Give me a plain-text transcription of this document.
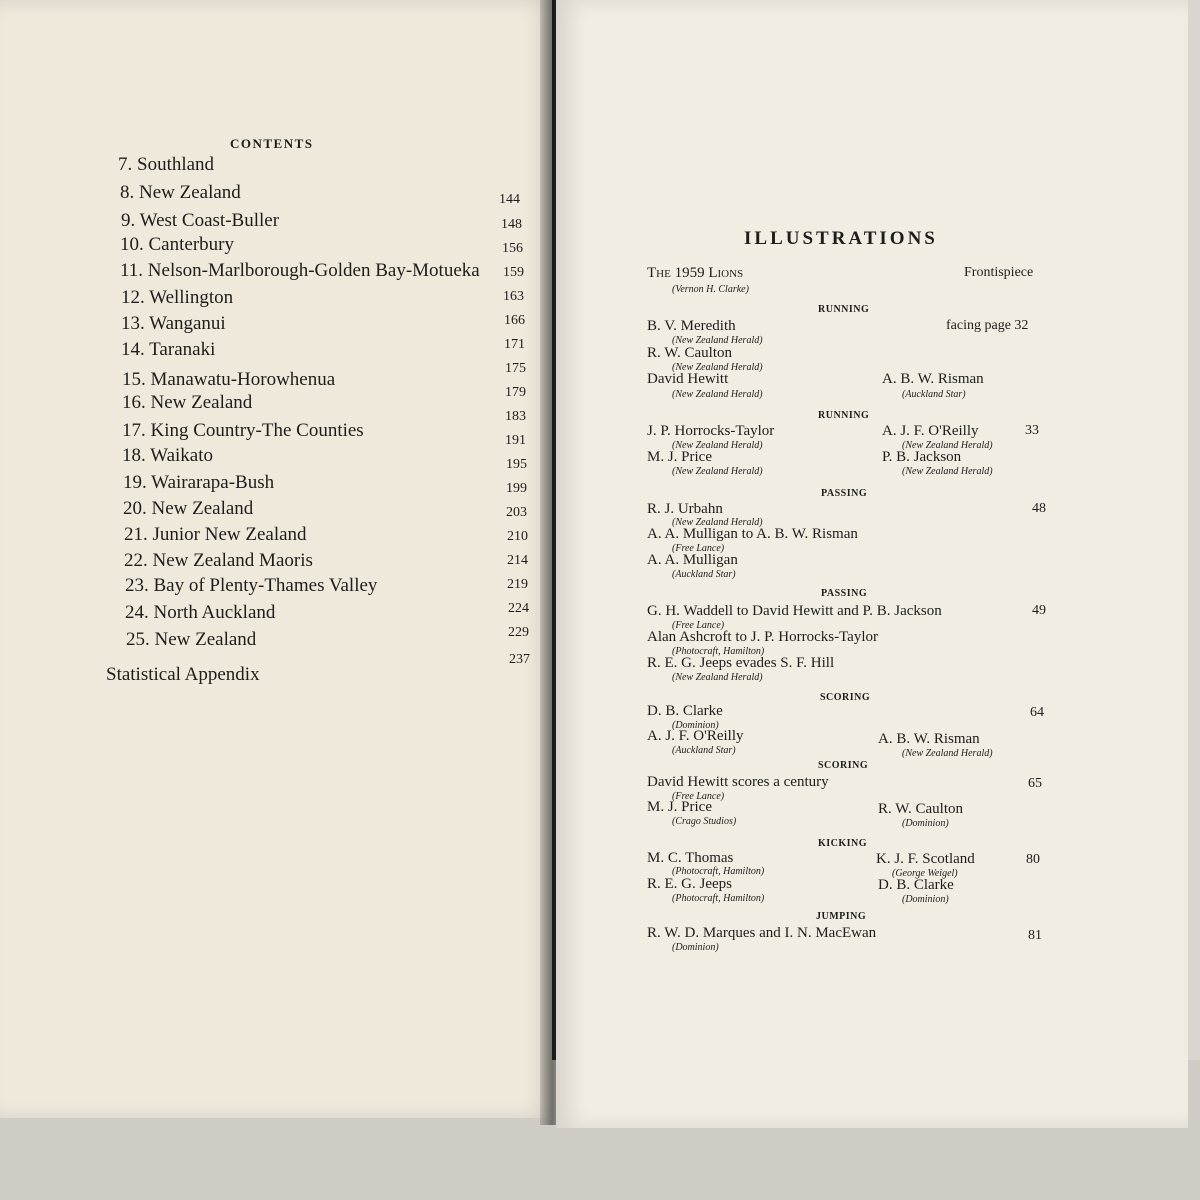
CONTENTS
7. Southland
8. New Zealand
9. West Coast-Buller
10. Canterbury
11. Nelson-Marlborough-Golden Bay-Motueka
12. Wellington
13. Wanganui
14. Taranaki
15. Manawatu-Horowhenua
16. New Zealand
17. King Country-The Counties
18. Waikato
19. Wairarapa-Bush
20. New Zealand
21. Junior New Zealand
22. New Zealand Maoris
23. Bay of Plenty-Thames Valley
24. North Auckland
25. New Zealand
Statistical Appendix
144
148
156
159
163
166
171
175
179
183
191
195
199
203
210
214
219
224
229
237
ILLUSTRATIONS
The 1959 Lions
(Vernon H. Clarke)
Frontispiece
RUNNING
B. V. Meredith
(New Zealand Herald)
facing page 32
R. W. Caulton
(New Zealand Herald)
David Hewitt
(New Zealand Herald)
A. B. W. Risman
(Auckland Star)
RUNNING
J. P. Horrocks-Taylor
(New Zealand Herald)
A. J. F. O'Reilly
(New Zealand Herald)
33
M. J. Price
(New Zealand Herald)
P. B. Jackson
(New Zealand Herald)
PASSING
R. J. Urbahn
(New Zealand Herald)
48
A. A. Mulligan to A. B. W. Risman
(Free Lance)
A. A. Mulligan
(Auckland Star)
PASSING
G. H. Waddell to David Hewitt and P. B. Jackson
(Free Lance)
49
Alan Ashcroft to J. P. Horrocks-Taylor
(Photocraft, Hamilton)
R. E. G. Jeeps evades S. F. Hill
(New Zealand Herald)
SCORING
D. B. Clarke
(Dominion)
64
A. J. F. O'Reilly
(Auckland Star)
A. B. W. Risman
(New Zealand Herald)
SCORING
David Hewitt scores a century
(Free Lance)
65
M. J. Price
(Crago Studios)
R. W. Caulton
(Dominion)
KICKING
M. C. Thomas
(Photocraft, Hamilton)
K. J. F. Scotland
(George Weigel)
80
R. E. G. Jeeps
(Photocraft, Hamilton)
D. B. Clarke
(Dominion)
JUMPING
R. W. D. Marques and I. N. MacEwan
(Dominion)
81
